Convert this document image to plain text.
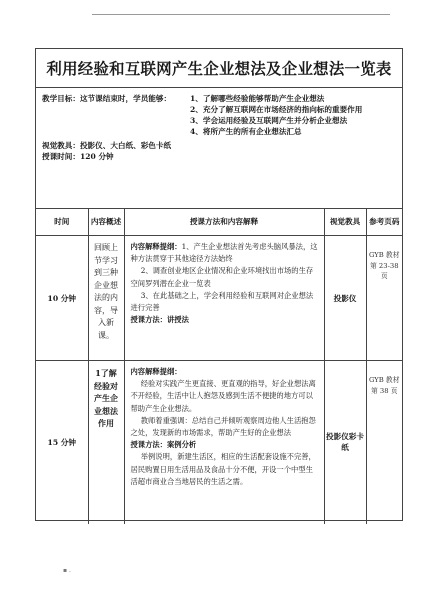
利用经验和互联网产生企业想法及企业想法一览表
教学目标：这节课结束时，学员能够：	1、了解哪些经验能够帮助产生企业想法
2、充分了解互联网在市场经济的指向标的重要作用
3、学会运用经验及互联网产生并分析企业想法
4、将所产生的所有企业想法汇总
视觉教具：投影仪、大白纸、彩色卡纸
授课时间：120 分钟
时间	内容概述	授课方法和内容解释	视觉教具	参考页码
10 分钟	回顾上节学习到三种企业想法的内容，导入新课。	内容解释提纲：1、产生企业想法首先考虑头脑风暴法，这种方法贯穿于其他途径方法始终
2、调查创业地区企业情况和企业环境找出市场的生存空间罗列潜在企业一览表
3、在此基础之上，学会利用经验和互联网对企业想法进行完善
授课方法：讲授法	投影仪	GYB 教材第 23-38 页
15 分钟	1了解经验对产生企业想法作用	内容解释提纲：
经验对实践产生更直接、更直观的指导，好企业想法离不开经验，生活中让人抱怨及感到生活不便捷的地方可以帮助产生企业想法。
教师着重强调：总结自己并倾听观察周边他人生活抱怨之处，发现新的市场需求，帮助产生好的企业想法
授课方法：案例分析
举例说明，新建生活区，相应的生活配套设施不完善，居民购置日用生活用品及食品十分不便，开设一个中型生活超市商业合当地居民的生活之需。	投影仪彩卡纸	GYB 教材第 38 页
▪ .
